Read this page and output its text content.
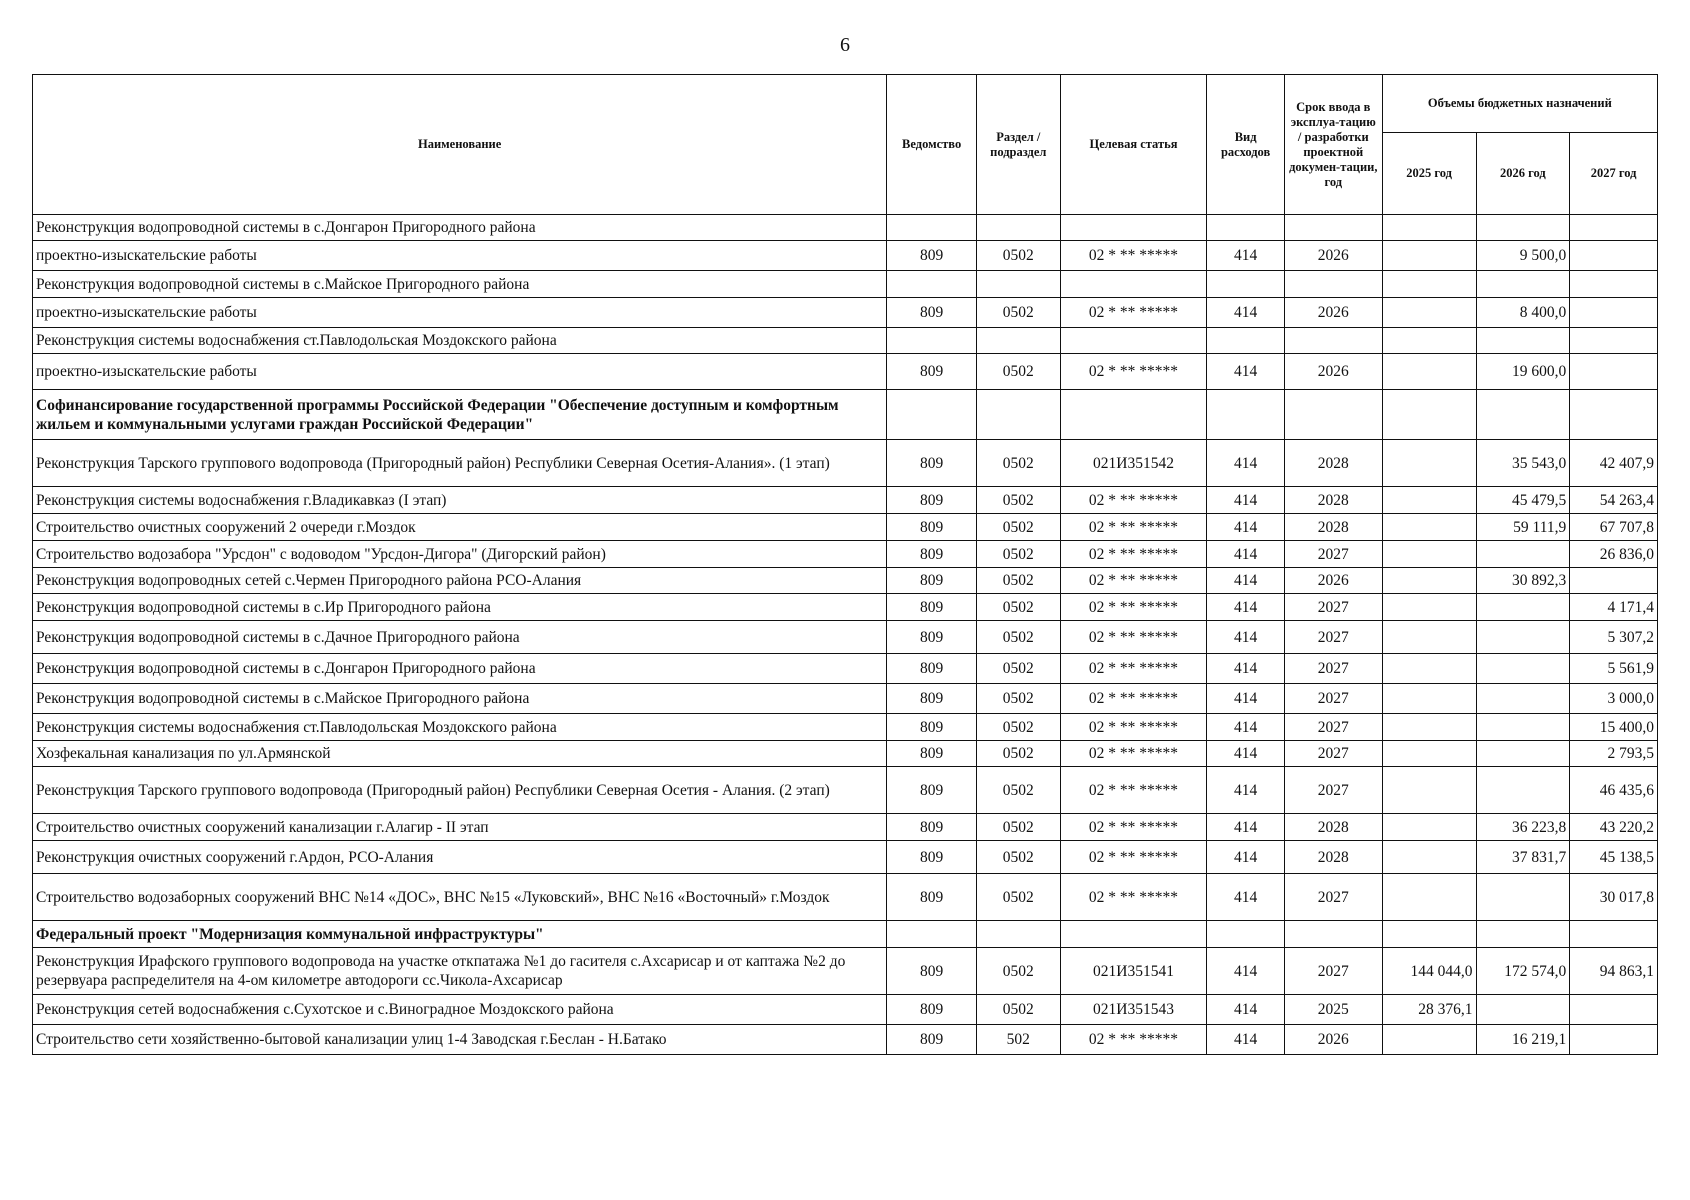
6
Наименование	Ведомство	Раздел / подраздел	Целевая статья	Вид расходов	Срок ввода в эксплуа-тацию / разработки проектной докумен-тации, год	Объемы бюджетных назначений		
						2025 год	2026 год	2027 год
Реконструкция водопроводной системы в с.Донгарон Пригородного района								
проектно-изыскательские работы	809	0502	02 * ** *****	414	2026		9 500,0	
Реконструкция водопроводной системы в с.Майское Пригородного района								
проектно-изыскательские работы	809	0502	02 * ** *****	414	2026		8 400,0	
Реконструкция системы водоснабжения ст.Павлодольская Моздокского района								
проектно-изыскательские работы	809	0502	02 * ** *****	414	2026		19 600,0	
Софинансирование государственной программы Российской Федерации "Обеспечение доступным и комфортным жильем и коммунальными услугами граждан Российской Федерации"								
Реконструкция Тарского группового водопровода (Пригородный район) Республики Северная Осетия-Алания». (1 этап)	809	0502	021И351542	414	2028		35 543,0	42 407,9
Реконструкция системы водоснабжения г.Владикавказ (I этап)	809	0502	02 * ** *****	414	2028		45 479,5	54 263,4
Строительство очистных сооружений 2 очереди г.Моздок	809	0502	02 * ** *****	414	2028		59 111,9	67 707,8
Строительство водозабора "Урсдон" с водоводом "Урсдон-Дигора" (Дигорский район)	809	0502	02 * ** *****	414	2027			26 836,0
Реконструкция водопроводных сетей с.Чермен Пригородного района РСО-Алания	809	0502	02 * ** *****	414	2026		30 892,3	
Реконструкция водопроводной системы в с.Ир Пригородного района	809	0502	02 * ** *****	414	2027			4 171,4
Реконструкция водопроводной системы в с.Дачное Пригородного района	809	0502	02 * ** *****	414	2027			5 307,2
Реконструкция водопроводной системы в с.Донгарон Пригородного района	809	0502	02 * ** *****	414	2027			5 561,9
Реконструкция водопроводной системы в с.Майское Пригородного района	809	0502	02 * ** *****	414	2027			3 000,0
Реконструкция системы водоснабжения ст.Павлодольская Моздокского района	809	0502	02 * ** *****	414	2027			15 400,0
Хозфекальная канализация по ул.Армянской	809	0502	02 * ** *****	414	2027			2 793,5
Реконструкция Тарского группового водопровода (Пригородный район) Республики Северная Осетия - Алания. (2 этап)	809	0502	02 * ** *****	414	2027			46 435,6
Строительство очистных сооружений канализации г.Алагир - II этап	809	0502	02 * ** *****	414	2028		36 223,8	43 220,2
Реконструкция очистных сооружений г.Ардон, РСО-Алания	809	0502	02 * ** *****	414	2028		37 831,7	45 138,5
Строительство водозаборных сооружений ВНС №14 «ДОС», ВНС №15 «Луковский», ВНС №16 «Восточный» г.Моздок	809	0502	02 * ** *****	414	2027			30 017,8
Федеральный проект "Модернизация коммунальной инфраструктуры"								
Реконструкция Ирафского группового водопровода на участке откпатажа №1 до гасителя с.Ахсарисар и от каптажа №2 до резервуара распределителя на 4-ом километре автодороги сс.Чикола-Ахсарисар	809	0502	021И351541	414	2027	144 044,0	172 574,0	94 863,1
Реконструкция сетей водоснабжения с.Сухотское и с.Виноградное Моздокского района	809	0502	021И351543	414	2025	28 376,1		
Строительство сети хозяйственно-бытовой канализации улиц 1-4 Заводская г.Беслан - Н.Батако	809	502	02 * ** *****	414	2026		16 219,1	
